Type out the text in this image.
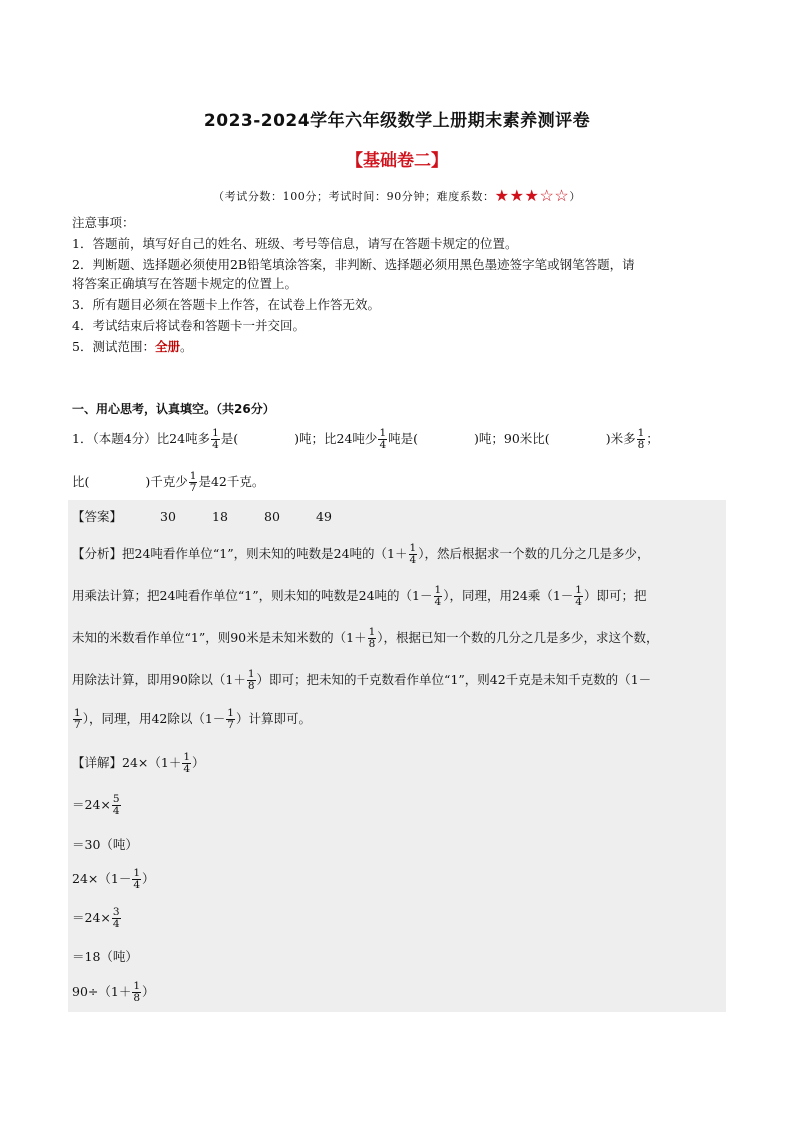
2023-2024学年六年级数学上册期末素养测评卷
【基础卷二】
（考试分数：100分；考试时间：90分钟；难度系数：★★★☆☆）
注意事项：
1．答题前，填写好自己的姓名、班级、考号等信息，请写在答题卡规定的位置。
2．判断题、选择题必须使用2B铅笔填涂答案，非判断、选择题必须用黑色墨迹签字笔或钢笔答题，请
将答案正确填写在答题卡规定的位置上。
3．所有题目必须在答题卡上作答，在试卷上作答无效。
4．考试结束后将试卷和答题卡一并交回。
5．测试范围：全册。
一、用心思考，认真填空。（共26分）
1．（本题4分）比24吨多 $\frac{1}{4}$ 是(	)吨；比24吨少 $\frac{1}{4}$ 吨是(	)吨；90米比(	)米多 $\frac{1}{8}$ ；
比(	)千克少 $\frac{1}{7}$ 是42千克。
【答案】	30	18	80	49
【分析】把24吨看作单位“1”，则未知的吨数是24吨的（$1+ \frac{1}{4}$ ），然后根据求一个数的几分之几是多少，
用乘法计算；把24吨看作单位“1”，则未知的吨数是24吨的（$1- \frac{1}{4}$ ），同理，用24乘（$1- \frac{1}{4}$ ）即可；把
未知的米数看作单位“1”，则90米是未知米数的（$1+ \frac{1}{8}$ ），根据已知一个数的几分之几是多少，求这个数，
用除法计算，即用90除以（$1+ \frac{1}{8}$ ）即可；把未知的千克数看作单位“1”，则42千克是未知千克数的（1－
$\frac{1}{7}$ ），同理，用42除以（$1- \frac{1}{7}$ ）计算即可。
【详解】$24\times(1+ \frac{1}{4}$ ）
$=24\times \frac{5}{4}$
＝30（吨）
$24\times(1- \frac{1}{4}$ ）
$=24\times \frac{3}{4}$
＝18（吨）
$90\div(1+ \frac{1}{8}$ ）
